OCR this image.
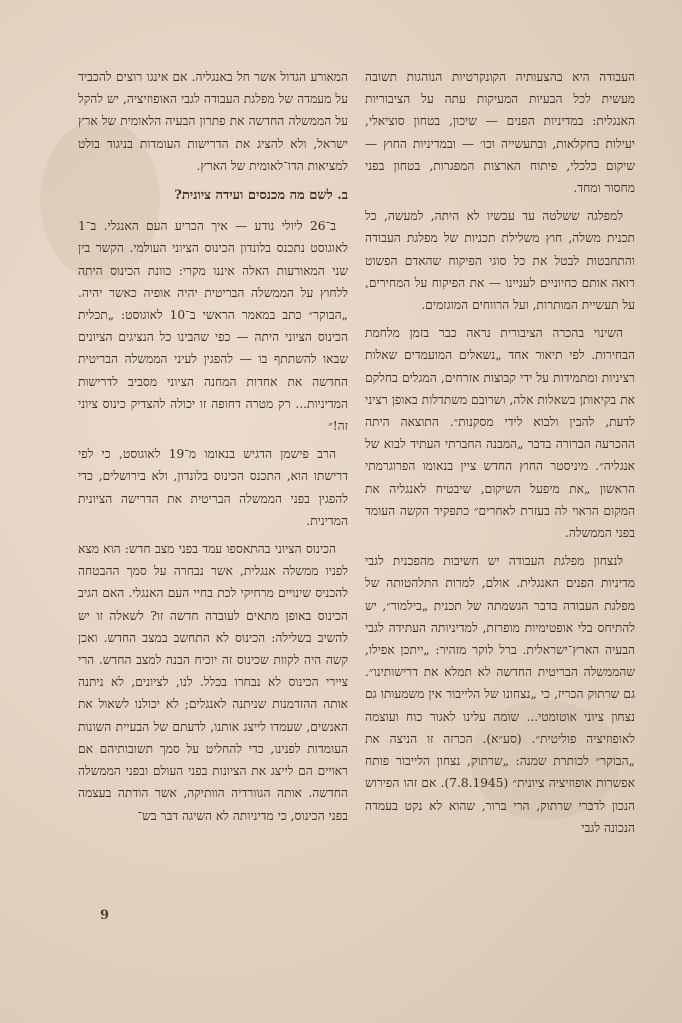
העבודה היא בהצעותיה הקונקרטיות הנוהגות תשובה מעשית לכל הבעיות המעיקות עתה על הציבוריות האנגלית: במדיניות הפנים — שיכון, בטחון סוציאלי, יעילות בחקלאות, ובתעשייה וכו׳ — ובמדיניות החוץ — שיקום כלכלי, פיתוח הארצות המפגרות, בטחון בפני מחסור ומחד.

למפלגה ששלטה עד עכשיו לא היתה, למעשה, כל תכנית משלה, חוץ משלילת תכניות של מפלגת העבודה והתחבטות לבטל את כל סוגי הפיקוח שהאדם הפשוט רואה אותם כחיוניים לעניינו — את הפיקוח על המחירים, על תעשיית המותרות, ועל הרווחים המוגזמים.

השינוי בהכרה הציבורית נראה כבר בזמן מלחמת הבחירות. לפי תיאור אחד „נשאלים המועמדים שאלות רציניות ומתמידות על ידי קבוצות אזרחים, המגלים בחלקם את בקיאותן בשאלות אלה, ושרובם משתדלות באופן רציני לדעת, להבין ולבוא לידי מסקנות״. התוצאה היתה ההכרעה הברורה בדבר „המבנה החברתי העתיד לבוא של אנגליה״. מיניסטר החוץ החדש ציין בנאומו הפרוגרמתי הראשון „את מיפעל השיקום, שיבטיח לאנגליה את המקום הראוי לה בעזרת לאחרים״ כתפקיד הקשה העומד בפני הממשלה.

לנצחון מפלגת העבודה יש חשיבות מהפכנית לגבי מדיניות הפנים האנגלית. אולם, למרות התלהטותה של מפלגת העבודה בדבר הגשמתה של תכנית „בילמור״, יש להתיחס בלי אופטימיות מופרזת, למדיניותה העתידה לגבי הבעיה הארץ־ישראלית. ברל לוקר מזהיר: „ייתכן אפילו, שהממשלה הבריטית החדשה לא תמלא את דרישותינו״. גם שרתוק הכריז, כי „נצחונו של הלייבור אין משמעותו גם נצחון ציוני אוטומטי... שומה עלינו לאגור כוח ועוצמה לאופוזיציה פוליטית״. (סע״א). הכרזה זו הניצה את „הבוקר״ לכותרת שמנה: „שרתוק, נצחון הלייבור פותח אפשרות אופוזיציה ציונית״ (7.8.1945). אם זהו הפירוש הנכון לדברי שרתוק, הרי ברור, שהוא לא נקט בעמדה הנכונה לגבי

המאורע הגדול אשר חל באנגליה. אם אינגו רוצים להכביד על מעמדה של מפלגת העבודה לגבי האופוזיציה, יש להקל על הממשלה החדשה את פתרון הבעיה הלאומית של ארץ ישראל, ולא להציג את הדרישות העומדות בניגוד בולט למציאות הדו־לאומית של הארץ.

ב. לשם מה מכנסים ועידה ציונית?

ב־26 ליולי נודע — איך הכריע העם האנגלי. ב־1 לאוגוסט נתכנס בלונדון הכינוס הציוני העולמי. הקשר בין שני המאורעות האלה איננו מקרי: כוונת הכינוס היתה ללחוץ על הממשלה הבריטית יהיה אופיה כאשר יהיה. „הבוקר״ כתב במאמר הראשי ב־10 לאוגוסט: „תכלית הכינוס הציוני היתה — כפי שהבינו כל הנציגים הציונים שבאו להשתתף בו — להפגין לעיני הממשלה הבריטית החדשה את אחדות המחנה הציוני מסביב לדרישות המדיניות... רק מטרה דחופה זו יכולה להצדיק כינוס ציוני זה!״

הרב פישמן הדגיש בנאומו מ־19 לאוגוסט, כי לפי דרישתו הוא, התכנס הכינוס בלונדון, ולא בירושלים, כדי להפגין בפני הממשלה הבריטית את הדרישה הציונית המדינית.

הכינוס הציוני בהתאספו עמד בפני מצב חדש: הוא מצא לפניו ממשלה אנגלית, אשר נבחרה על סמך ההבטחה להכניס שינויים מרחיקי לכת בחיי העם האנגלי. האם הגיב הכינוס באופן מתאים לעובדה חדשה זו? לשאלה זו יש להשיב בשלילה: הכינוס לא התחשב במצב החדש. ואכן קשה היה לקוות שכינוס זה יוכיח הבנה למצב החדש. הרי ציירי הכינוס לא נבחרו בכלל. לנו, לציונים, לא ניתנה אותה ההזדמנות שניתנה לאנגלים; לא יכולנו לשאול את האנשים, שעמדו לייצג אותנו, לדעתם של הבעיית השונות העומדות לפנינו, כדי להחליט על סמך תשובותיהם אם ראויים הם לייצג את הציונות בפני העולם ובפני הממשלה החדשה. אותה הגוורדיה הוותיקה, אשר הודתה בעצמה בפני הכינוס, כי מדיניותה לא השיגה דבר בש־

9
